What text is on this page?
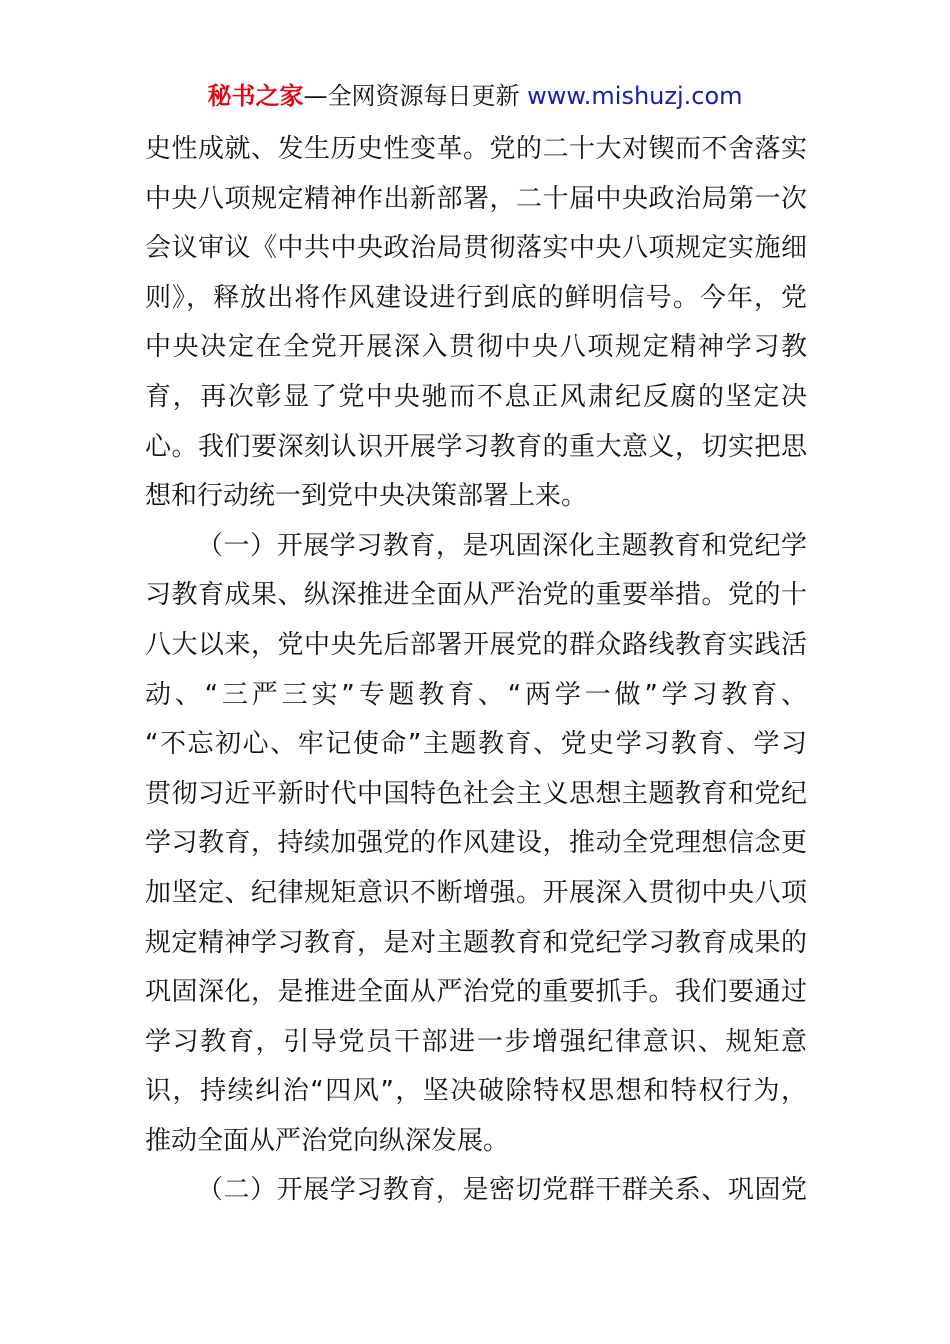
秘书之家—全网资源每日更新 www.mishuzj.com
史性成就、发生历史性变革。党的二十大对锲而不舍落实
中央八项规定精神作出新部署，二十届中央政治局第一次
会议审议《中共中央政治局贯彻落实中央八项规定实施细
则》，释放出将作风建设进行到底的鲜明信号。今年，党
中央决定在全党开展深入贯彻中央八项规定精神学习教
育，再次彰显了党中央驰而不息正风肃纪反腐的坚定决
心。我们要深刻认识开展学习教育的重大意义，切实把思
想和行动统一到党中央决策部署上来。
（一）开展学习教育，是巩固深化主题教育和党纪学
习教育成果、纵深推进全面从严治党的重要举措。党的十
八大以来，党中央先后部署开展党的群众路线教育实践活
动、“三严三实”专题教育、“两学一做”学习教育、
“不忘初心、牢记使命”主题教育、党史学习教育、学习
贯彻习近平新时代中国特色社会主义思想主题教育和党纪
学习教育，持续加强党的作风建设，推动全党理想信念更
加坚定、纪律规矩意识不断增强。开展深入贯彻中央八项
规定精神学习教育，是对主题教育和党纪学习教育成果的
巩固深化，是推进全面从严治党的重要抓手。我们要通过
学习教育，引导党员干部进一步增强纪律意识、规矩意
识，持续纠治“四风”，坚决破除特权思想和特权行为，
推动全面从严治党向纵深发展。
（二）开展学习教育，是密切党群干群关系、巩固党
